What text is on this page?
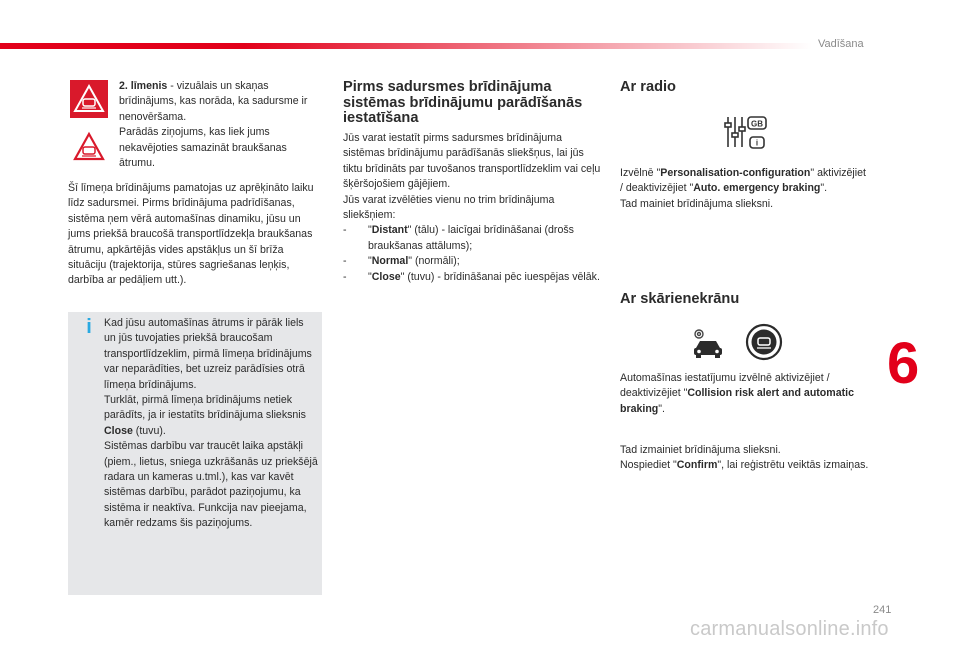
Vadīšana

2. līmenis - vizuālais un skaņas brīdinājums, kas norāda, ka sadursme ir nenovēršama.

Parādās ziņojums, kas liek jums nekavējoties samazināt braukšanas ātrumu.

Šī līmeņa brīdinājums pamatojas uz aprēķināto laiku līdz sadursmei. Pirms brīdinājuma padrīdīšanas, sistēma ņem vērā automašīnas dinamiku, jūsu un jums priekšā braucošā transportlīdzekļa braukšanas ātrumu, apkārtējās vides apstākļus un šī brīža situāciju (trajektorija, stūres sagriešanas leņķis, darbība ar pedāļiem utt.).

i	Kad jūsu automašīnas ātrums ir pārāk liels un jūs tuvojaties priekšā braucošam transportlīdzeklim, pirmā līmeņa brīdinājums var neparādīties, bet uzreiz parādīsies otrā līmeņa brīdinājums.

Turklāt, pirmā līmeņa brīdinājums netiek parādīts, ja ir iestatīts brīdinājuma slieksnis Close (tuvu).

Sistēmas darbību var traucēt laika apstākļi (piem., lietus, sniega uzkrāšanās uz priekšējā radara un kameras u.tml.), kas var kavēt sistēmas darbību, parādot paziņojumu, ka sistēma ir neaktīva. Funkcija nav pieejama, kamēr redzams šis paziņojums.

Pirms sadursmes brīdinājuma sistēmas brīdinājumu parādīšanās iestatīšana

Jūs varat iestatīt pirms sadursmes brīdinājuma sistēmas brīdinājumu parādīšanās sliekšņus, lai jūs tiktu brīdināts par tuvošanos transportlīdzeklim vai ceļu šķēršojošiem gājējiem.

Jūs varat izvēlēties vienu no trim brīdinājuma sliekšņiem:

- "Distant" (tālu) - laicīgai brīdināšanai (drošs braukšanas attālums);
- "Normal" (normāli);
- "Close" (tuvu) - brīdināšanai pēc iuespējas vēlāk.
Ar radio
GB
i

Izvēlnē "Personalisation-configuration" aktivizējiet / deaktivizējiet "Auto. emergency braking".

Tad mainiet brīdinājuma slieksni.

Ar skārienekrānu

Automašīnas iestatījumu izvēlnē aktivizējiet / deaktivizējiet "Collision risk alert and automatic braking".

Tad izmainiet brīdinājuma slieksni.

Nospiediet "Confirm", lai reģistrētu veiktās izmaiņas.

6
241
carmanualsonline.info
